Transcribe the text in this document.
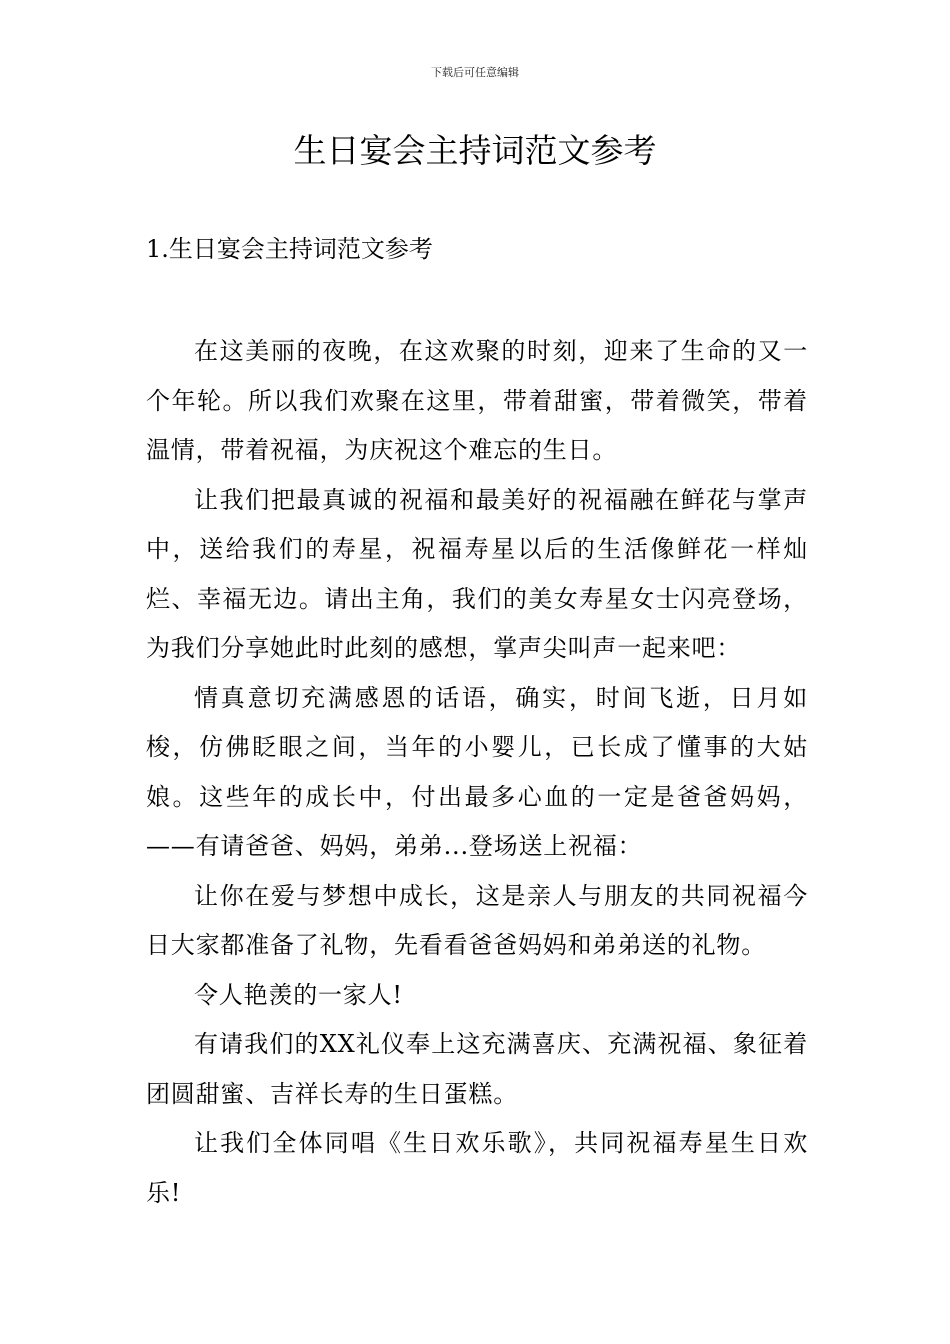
下载后可任意编辑
生日宴会主持词范文参考
1.生日宴会主持词范文参考

在这美丽的夜晚，在这欢聚的时刻，迎来了生命的又一个年轮。所以我们欢聚在这里，带着甜蜜，带着微笑，带着温情，带着祝福，为庆祝这个难忘的生日。

让我们把最真诚的祝福和最美好的祝福融在鲜花与掌声中，送给我们的寿星，祝福寿星以后的生活像鲜花一样灿烂、幸福无边。请出主角，我们的美女寿星女士闪亮登场，为我们分享她此时此刻的感想，掌声尖叫声一起来吧：

情真意切充满感恩的话语，确实，时间飞逝，日月如梭，仿佛眨眼之间，当年的小婴儿，已长成了懂事的大姑娘。这些年的成长中，付出最多心血的一定是爸爸妈妈，——有请爸爸、妈妈，弟弟...登场送上祝福：

让你在爱与梦想中成长，这是亲人与朋友的共同祝福今日大家都准备了礼物，先看看爸爸妈妈和弟弟送的礼物。

令人艳羡的一家人!

有请我们的XX礼仪奉上这充满喜庆、充满祝福、象征着团圆甜蜜、吉祥长寿的生日蛋糕。

让我们全体同唱《生日欢乐歌》，共同祝福寿星生日欢乐!
